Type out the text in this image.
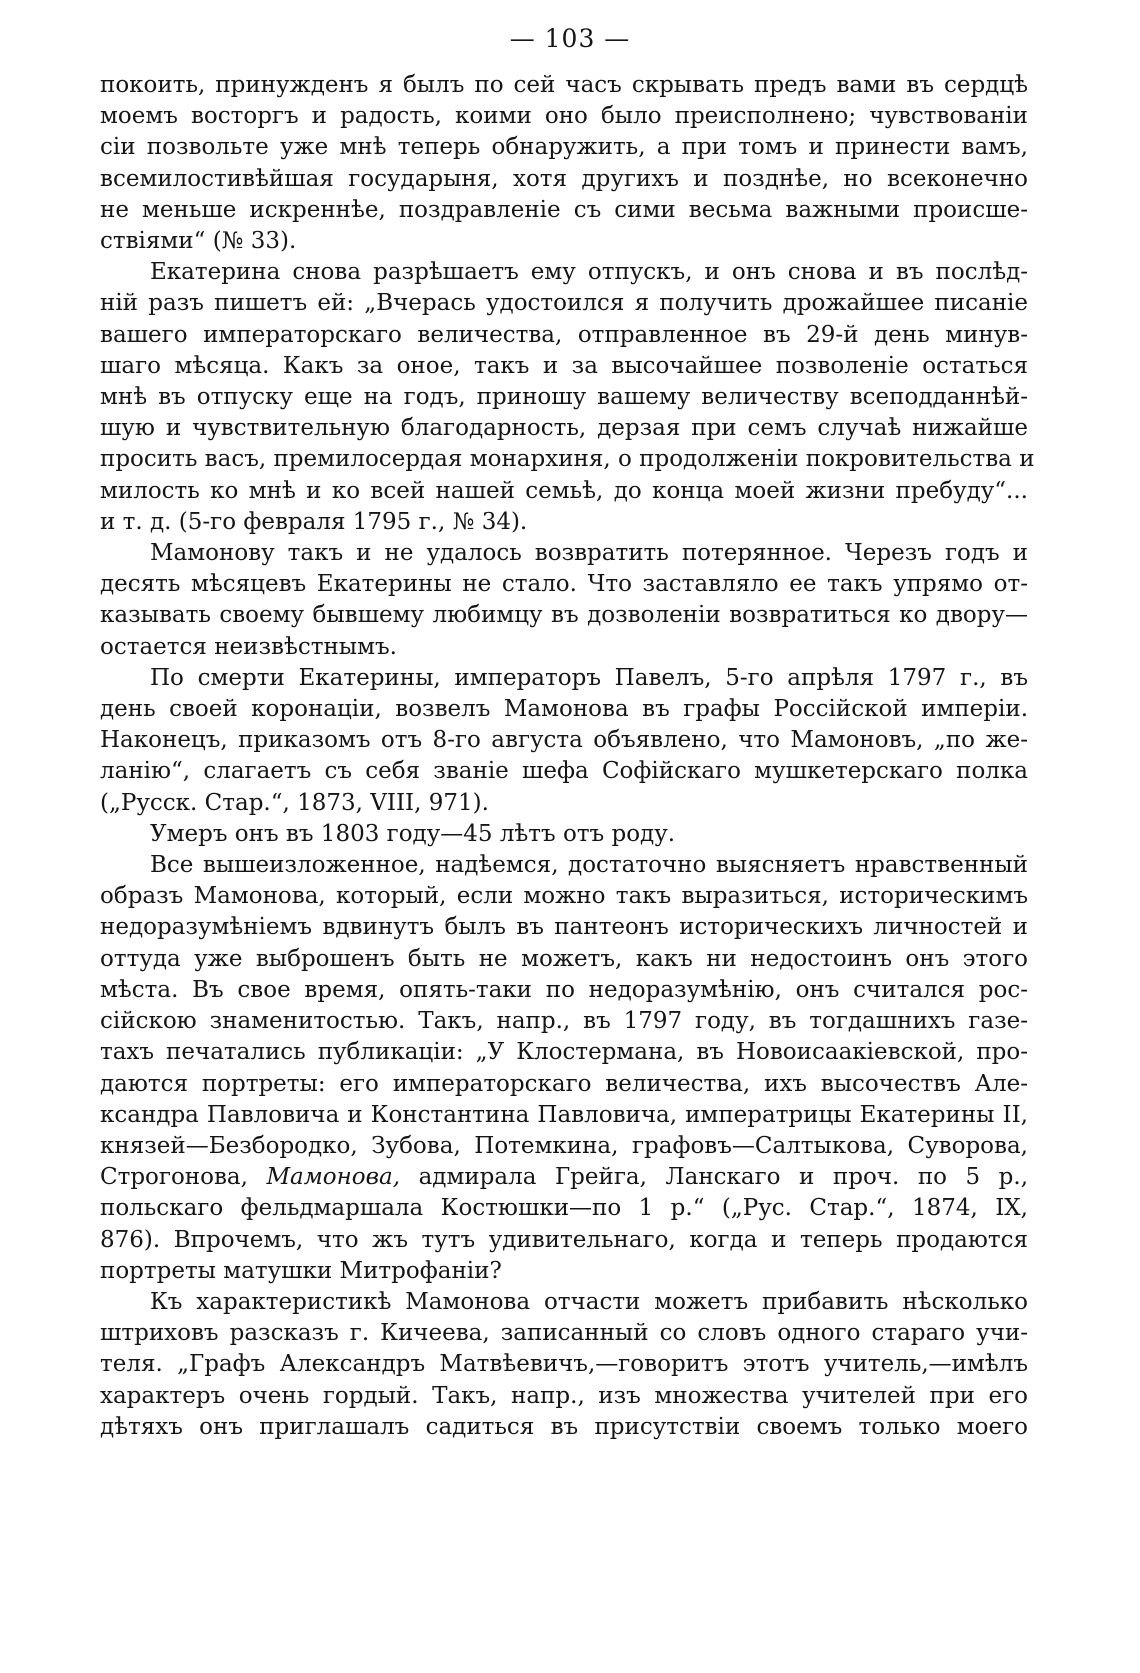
— 103 —

покоить, принужденъ я былъ по сей часъ скрывать предъ вами въ сердцѣ
моемъ восторгъ и радость, коими оно было преисполнено; чувствованiи
сiи позвольте уже мнѣ теперь обнаружить, а при томъ и принести вамъ,
всемилостивѣйшая государыня, хотя другихъ и позднѣе, но всеконечно
не меньше искреннѣе, поздравленiе съ сими весьма важными происше-
ствiями“ (№ 33).

Екатерина снова разрѣшаетъ ему отпускъ, и онъ снова и въ послѣд-
нiй разъ пишетъ ей: „Вчерась удостоился я получить дрожайшее писанiе
вашего императорскаго величества, отправленное въ 29-й день минув-
шаго мѣсяца. Какъ за оное, такъ и за высочайшее позволенiе остаться
мнѣ въ отпуску еще на годъ, приношу вашему величеству всеподданнѣй-
шую и чувствительную благодарность, дерзая при семъ случаѣ нижайше
просить васъ, премилосердая монархиня, о продолженiи покровительства и
милость ко мнѣ и ко всей нашей семьѣ, до конца моей жизни пребуду“...
и т. д. (5-го февраля 1795 г., № 34).

Мамонову такъ и не удалось возвратить потерянное. Черезъ годъ и
десять мѣсяцевъ Екатерины не стало. Что заставляло ее такъ упрямо от-
казывать своему бывшему любимцу въ дозволенiи возвратиться ко двору—
остается неизвѣстнымъ.

По смерти Екатерины, императоръ Павелъ, 5-го апрѣля 1797 г., въ
день своей коронацiи, возвелъ Мамонова въ графы Россiйской имперiи.
Наконецъ, приказомъ отъ 8-го августа объявлено, что Мамоновъ, „по же-
ланiю“, слагаетъ съ себя званiе шефа Софiйскаго мушкетерскаго полка
(„Русск. Стар.“, 1873, VIII, 971).

Умеръ онъ въ 1803 году—45 лѣтъ отъ роду.

Все вышеизложенное, надѣемся, достаточно выясняетъ нравственный
образъ Мамонова, который, если можно такъ выразиться, историческимъ
недоразумѣнiемъ вдвинутъ былъ въ пантеонъ историческихъ личностей и
оттуда уже выброшенъ быть не можетъ, какъ ни недостоинъ онъ этого
мѣста. Въ свое время, опять-таки по недоразумѣнiю, онъ считался рос-
сiйскою знаменитостью. Такъ, напр., въ 1797 году, въ тогдашнихъ газе-
тахъ печатались публикацiи: „У Клостермана, въ Новоисаакiевской, про-
даются портреты: его императорскаго величества, ихъ высочествъ Але-
ксандра Павловича и Константина Павловича, императрицы Екатерины II,
князей—Безбородко, Зубова, Потемкина, графовъ—Салтыкова, Суворова,
Строгонова, Мамонова, адмирала Грейга, Ланскаго и проч. по 5 р.,
польскаго фельдмаршала Костюшки—по 1 р.“ („Рус. Стар.“, 1874, IX,
876). Впрочемъ, что жъ тутъ удивительнаго, когда и теперь продаются
портреты матушки Митрофанiи?

Къ характеристикѣ Мамонова отчасти можетъ прибавить нѣсколько
штриховъ разсказъ г. Кичеева, записанный со словъ одного стараго учи-
теля. „Графъ Александръ Матвѣевичъ,—говоритъ этотъ учитель,—имѣлъ
характеръ очень гордый. Такъ, напр., изъ множества учителей при его
дѣтяхъ онъ приглашалъ садиться въ присутствiи своемъ только моего
